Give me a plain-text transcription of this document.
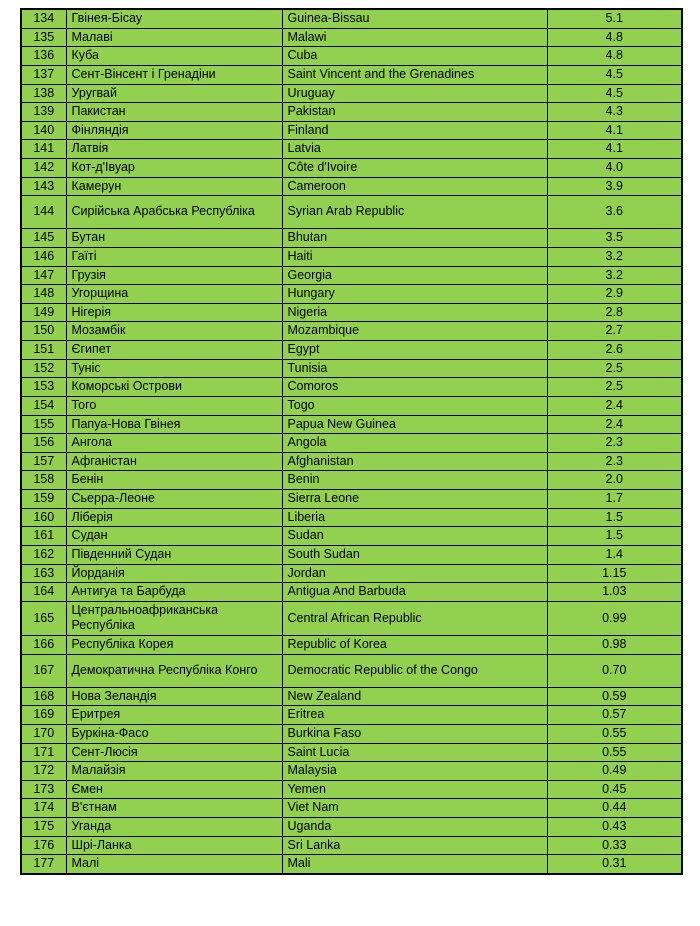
134	Гвінея-Бісау	Guinea-Bissau	5.1
135	Малаві	Malawi	4.8
136	Куба	Cuba	4.8
137	Сент-Вінсент і Гренадіни	Saint Vincent and the Grenadines	4.5
138	Уругвай	Uruguay	4.5
139	Пакистан	Pakistan	4.3
140	Фінляндія	Finland	4.1
141	Латвія	Latvia	4.1
142	Кот-д'Івуар	Côte d'Ivoire	4.0
143	Камерун	Cameroon	3.9
144	Сирійська Арабська Республіка	Syrian Arab Republic	3.6
145	Бутан	Bhutan	3.5
146	Гаїті	Haiti	3.2
147	Грузія	Georgia	3.2
148	Угорщина	Hungary	2.9
149	Нігерія	Nigeria	2.8
150	Мозамбік	Mozambique	2.7
151	Єгипет	Egypt	2.6
152	Туніс	Tunisia	2.5
153	Коморські Острови	Comoros	2.5
154	Того	Togo	2.4
155	Папуа-Нова Гвінея	Papua New Guinea	2.4
156	Ангола	Angola	2.3
157	Афганістан	Afghanistan	2.3
158	Бенін	Benin	2.0
159	Сьерра-Леоне	Sierra Leone	1.7
160	Ліберія	Liberia	1.5
161	Судан	Sudan	1.5
162	Південний Судан	South Sudan	1.4
163	Йорданія	Jordan	1.15
164	Антигуа та Барбуда	Antigua And Barbuda	1.03
165	Центральноафриканська Республіка	Central African Republic	0.99
166	Республіка Корея	Republic of Korea	0.98
167	Демократична Республіка Конго	Democratic Republic of the Congo	0.70
168	Нова Зеландія	New Zealand	0.59
169	Еритрея	Eritrea	0.57
170	Буркіна-Фасо	Burkina Faso	0.55
171	Сент-Люсія	Saint Lucia	0.55
172	Малайзія	Malaysia	0.49
173	Ємен	Yemen	0.45
174	В'єтнам	Viet Nam	0.44
175	Уганда	Uganda	0.43
176	Шрі-Ланка	Sri Lanka	0.33
177	Малі	Mali	0.31
